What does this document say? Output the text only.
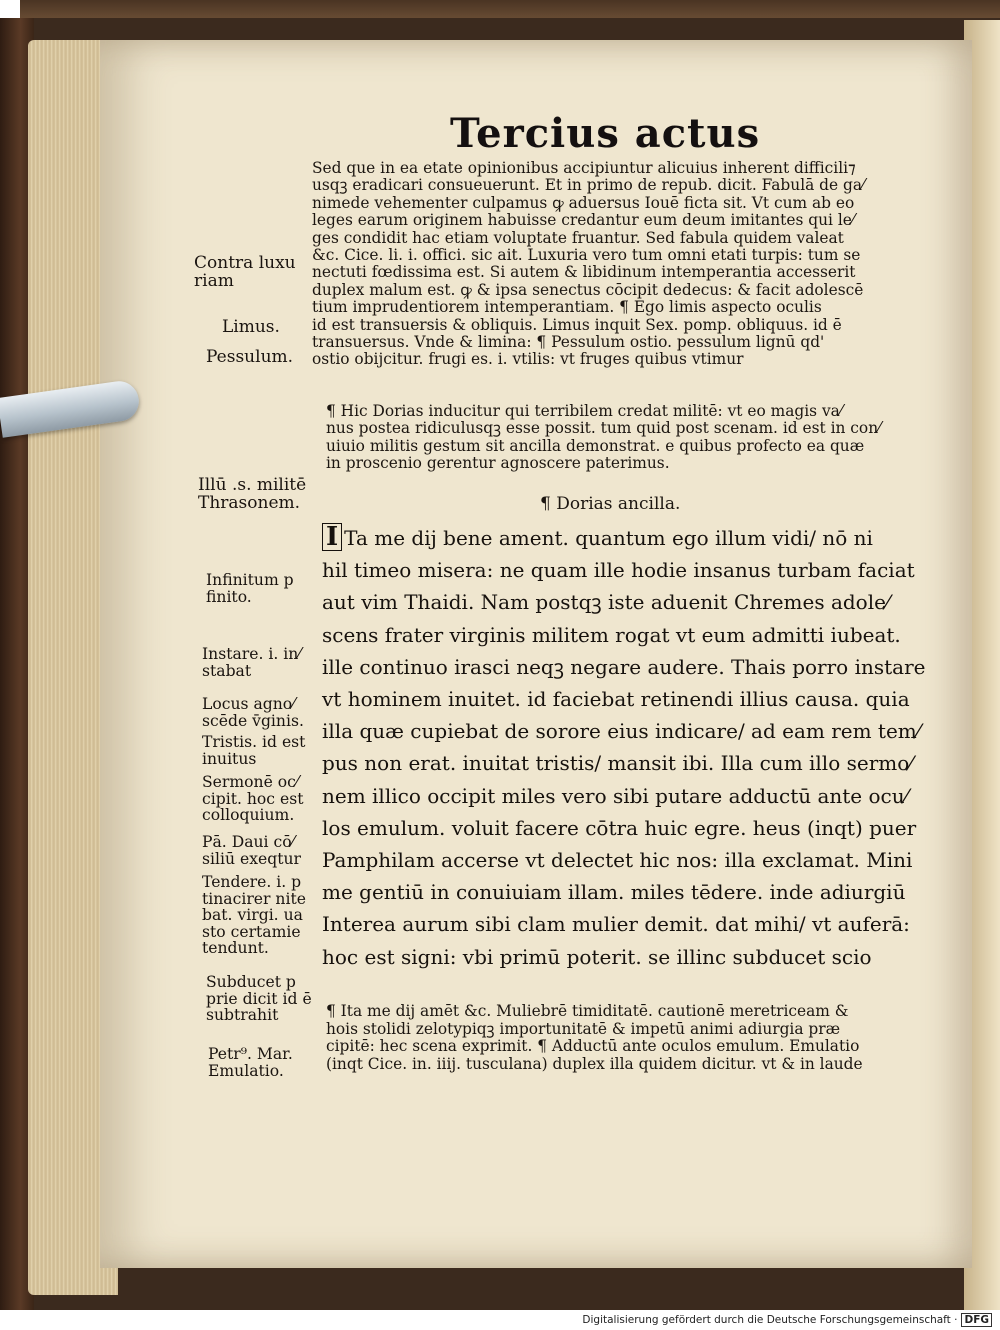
Tercius actus
Sed que in ea etate opinionibus accipiuntur alicuius inherent difficili⁊
usqꝫ eradicari consueuerunt. Et in primo de repub. dicit. Fabulā de ga⁄
nimede vehementer culpamus ꝙ aduersus Iouē ficta sit. Vt cum ab eo
leges earum originem habuisse credantur eum deum imitantes qui le⁄
ges condidit hac etiam voluptate fruantur. Sed fabula quidem valeat
&c. Cice. li. i. offici. sic ait. Luxuria vero tum omni etati turpis: tum se
nectuti fœdissima est. Si autem & libidinum intemperantia accesserit
duplex malum est. ꝙ & ipsa senectus cōcipit dedecus: & facit adolescē
tium imprudentiorem intemperantiam. ¶ Ego limis aspecto oculis
id est transuersis & obliquis. Limus inquit Sex. pomp. obliquus. id ē
transuersus. Vnde & limina: ¶ Pessulum ostio. pessulum lignū qd'
ostio obijcitur. frugi es. i. vtilis: vt fruges quibus vtimur
¶ Hic Dorias inducitur qui terribilem credat militē: vt eo magis va⁄
nus postea ridiculusqꝫ esse possit. tum quid post scenam. id est in con⁄
uiuio militis gestum sit ancilla demonstrat. e quibus profecto ea quæ
in proscenio gerentur agnoscere paterimus.
¶ Dorias ancilla.
I Ta me dij bene ament. quantum ego illum vidi/ nō ni
hil timeo misera: ne quam ille hodie insanus turbam faciat
aut vim Thaidi. Nam postqꝫ iste aduenit Chremes adole⁄
scens frater virginis militem rogat vt eum admitti iubeat.
ille continuo irasci neqꝫ negare audere. Thais porro instare
vt hominem inuitet. id faciebat retinendi illius causa. quia
illa quæ cupiebat de sorore eius indicare/ ad eam rem tem⁄
pus non erat. inuitat tristis/ mansit ibi. Illa cum illo sermo⁄
nem illico occipit miles vero sibi putare adductū ante ocu⁄
los emulum. voluit facere cōtra huic egre. heus (inqt) puer
Pamphilam accerse vt delectet hic nos: illa exclamat. Mini
me gentiū in conuiuiam illam. miles tēdere. inde adiurgiū
Interea aurum sibi clam mulier demit. dat mihi/ vt auferā:
hoc est signi: vbi primū poterit. se illinc subducet scio
¶ Ita me dij amēt &c. Muliebrē timiditatē. cautionē meretriceam &
hois stolidi zelotypiqꝫ importunitatē & impetū animi adiurgia præ
cipitē: hec scena exprimit. ¶ Adductū ante oculos emulum. Emulatio
(inqt Cice. in. iiij. tusculana) duplex illa quidem dicitur. vt & in laude
Contra luxu
riam
Limus.
Pessulum.
Illū .s. militē
Thrasonem.
Infinitum p
finito.
Instare. i. in⁄
stabat
Locus agno⁄
scēde v̄ginis.
Tristis. id est
inuitus
Sermonē oc⁄
cipit. hoc est
colloquium.
Pā. Daui cō⁄
siliū exeqtur
Tendere. i. p
tinacirer nite
bat. virgi. ua
sto certamie
tendunt.
Subducet p
prie dicit id ē
subtrahit
Petr⁹. Mar.
Emulatio.
Digitalisierung gefördert durch die Deutsche Forschungsgemeinschaft · DFG
